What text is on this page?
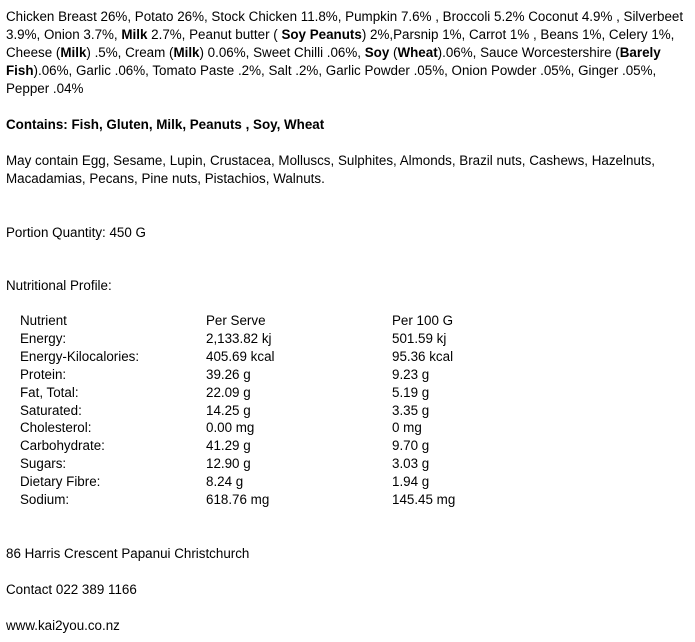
Chicken Breast 26%, Potato 26%, Stock Chicken 11.8%, Pumpkin 7.6% , Broccoli 5.2% Coconut 4.9% , Silverbeet 3.9%, Onion 3.7%, Milk 2.7%, Peanut butter ( Soy Peanuts) 2%,Parsnip 1%, Carrot 1% , Beans 1%, Celery 1%, Cheese (Milk) .5%, Cream (Milk) 0.06%, Sweet Chilli .06%, Soy (Wheat).06%, Sauce Worcestershire (Barely Fish).06%, Garlic .06%, Tomato Paste .2%, Salt .2%, Garlic Powder .05%, Onion Powder .05%, Ginger .05%, Pepper .04%

Contains: Fish, Gluten, Milk, Peanuts , Soy, Wheat

May contain Egg, Sesame, Lupin, Crustacea, Molluscs, Sulphites, Almonds, Brazil nuts, Cashews, Hazelnuts, Macadamias, Pecans, Pine nuts, Pistachios, Walnuts.

Portion Quantity: 450 G

Nutritional Profile:

Nutrient	Per Serve	Per 100 G
Energy:	2,133.82 kj	501.59 kj
Energy-Kilocalories:	405.69 kcal	95.36 kcal
Protein:	39.26 g	9.23 g
Fat, Total:	22.09 g	5.19 g
Saturated:	14.25 g	3.35 g
Cholesterol:	0.00 mg	0 mg
Carbohydrate:	41.29 g	9.70 g
Sugars:	12.90 g	3.03 g
Dietary Fibre:	8.24 g	1.94 g
Sodium:	618.76 mg	145.45 mg

86 Harris Crescent Papanui Christchurch

Contact 022 389 1166

www.kai2you.co.nz
